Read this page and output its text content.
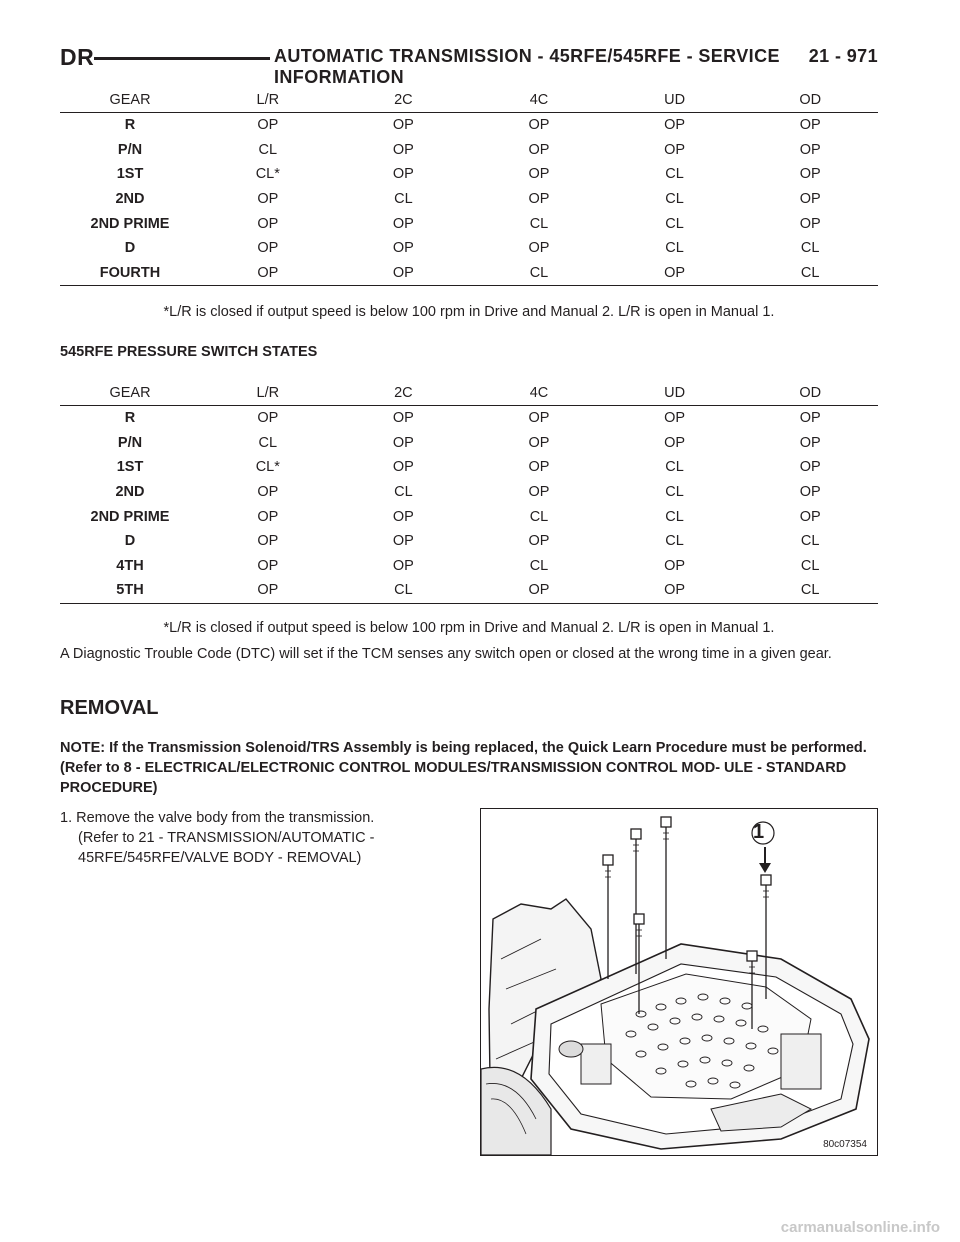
DR	AUTOMATIC TRANSMISSION - 45RFE/545RFE - SERVICE INFORMATION
21 - 971
GEAR	L/R	2C	4C	UD	OD
R	OP	OP	OP	OP	OP
P/N	CL	OP	OP	OP	OP
1ST	CL*	OP	OP	CL	OP
2ND	OP	CL	OP	CL	OP
2ND PRIME	OP	OP	CL	CL	OP
D	OP	OP	OP	CL	CL
FOURTH	OP	OP	CL	OP	CL
*L/R is closed if output speed is below 100 rpm in Drive and Manual 2. L/R is open in Manual 1.
545RFE PRESSURE SWITCH STATES
GEAR	L/R	2C	4C	UD	OD
R	OP	OP	OP	OP	OP
P/N	CL	OP	OP	OP	OP
1ST	CL*	OP	OP	CL	OP
2ND	OP	CL	OP	CL	OP
2ND PRIME	OP	OP	CL	CL	OP
D	OP	OP	OP	CL	CL
4TH	OP	OP	CL	OP	CL
5TH	OP	CL	OP	OP	CL
*L/R is closed if output speed is below 100 rpm in Drive and Manual 2. L/R is open in Manual 1.
A Diagnostic Trouble Code (DTC) will set if the TCM senses any switch open or closed at the wrong time in a given gear.
REMOVAL
NOTE: If the Transmission Solenoid/TRS Assembly is being replaced, the Quick Learn Procedure must be performed. (Refer to 8 - ELECTRICAL/ELECTRONIC CONTROL MODULES/TRANSMISSION CONTROL MOD- ULE - STANDARD PROCEDURE)
1. Remove the valve body from the transmission.
(Refer to 21 - TRANSMISSION/AUTOMATIC - 45RFE/545RFE/VALVE BODY - REMOVAL)
1
80c07354
carmanualsonline.info
